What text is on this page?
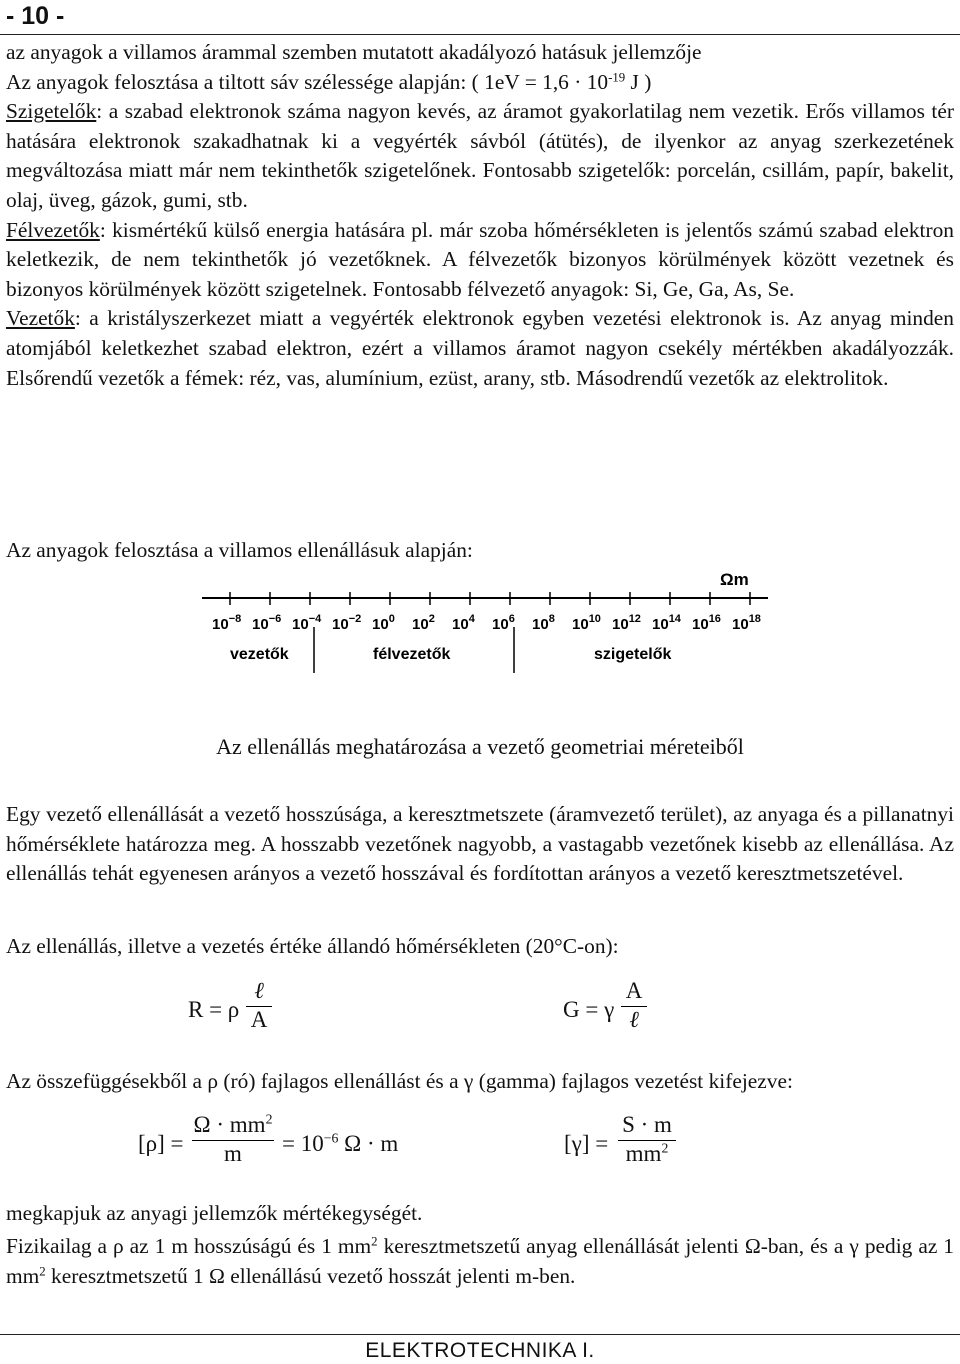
- 10 -

az anyagok a villamos árammal szemben mutatott akadályozó hatásuk jellemzője

Az anyagok felosztása a tiltott sáv szélessége alapján: ( $1eV = 1,6 \cdot 10^{-19}$ J )

Szigetelők: a szabad elektronok száma nagyon kevés, az áramot gyakorlatilag nem vezetik. Erős villamos tér hatására elektronok szakadhatnak ki a vegyérték sávból (átütés), de ilyenkor az anyag szerkezetének megváltozása miatt már nem tekinthetők szigetelőnek. Fontosabb szigetelők: porcelán, csillám, papír, bakelit, olaj, üveg, gázok, gumi, stb.

Félvezetők: kismértékű külső energia hatására pl. már szoba hőmérsékleten is jelentős számú szabad elektron keletkezik, de nem tekinthetők jó vezetőknek. A félvezetők bizonyos körülmények között vezetnek és bizonyos körülmények között szigetelnek. Fontosabb félvezető anyagok: Si, Ge, Ga, As, Se.

Vezetők: a kristályszerkezet miatt a vegyérték elektronok egyben vezetési elektronok is. Az anyag minden atomjából keletkezhet szabad elektron, ezért a villamos áramot nagyon csekély mértékben akadályozzák. Elsőrendű vezetők a fémek: réz, vas, alumínium, ezüst, arany, stb. Másodrendű vezetők az elektrolitok.

Az anyagok felosztása a villamos ellenállásuk alapján:
Ωm
$10^{-8}$ $10^{-6}$ $10^{-4}$ $10^{-2}$ $10^0$ $10^2$ $10^4$ $10^6$ $10^8$ $10^{10}$ $10^{12}$ $10^{14}$ $10^{16}$ $10^{18}$
vezetők	félvezetők	szigetelők
Az ellenállás meghatározása a vezető geometriai méreteiből
Egy vezető ellenállását a vezető hosszúsága, a keresztmetszete (áramvezető terület), az anyaga és a pillanatnyi hőmérséklete határozza meg. A hosszabb vezetőnek nagyobb, a vastagabb vezetőnek kisebb az ellenállása. Az ellenállás tehát egyenesen arányos a vezető hosszával és fordítottan arányos a vezető keresztmetszetével.
Az ellenállás, illetve a vezetés értéke állandó hőmérsékleten (20°C-on):
R = ρ
ℓ
A	G = γ
A
ℓ
Az összefüggésekből a ρ (ró) fajlagos ellenállást és a γ (gamma) fajlagos vezetést kifejezve:
$[\rho] = \frac{\Omega \cdot mm^2}{m} = 10^{-6}$ Ω · m	$[\gamma] = \frac{S \cdot m}{mm^2}$
megkapjuk az anyagi jellemzők mértékegységét.
Fizikailag a ρ az 1 m hosszúságú és 1 $mm^2$ keresztmetszetű anyag ellenállását jelenti Ω-ban, és a γ pedig az 1 $mm^2$ keresztmetszetű 1 Ω ellenállású vezető hosszát jelenti m-ben.
ELEKTROTECHNIKA I.
